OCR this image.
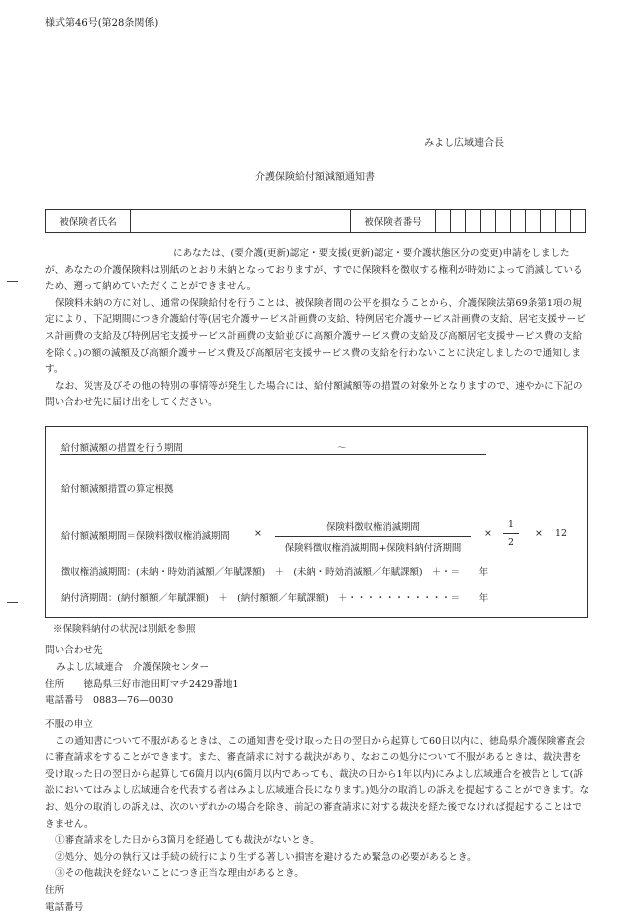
様式第46号(第28条関係)
みよし広域連合長
介護保険給付額減額通知書
被保険者氏名		被保険者番号										

にあなたは、(要介護(更新)認定・要支援(更新)認定・要介護状態区分の変更)申請をしました

が、あなたの介護保険料は別紙のとおり未納となっておりますが、すでに保険料を徴収する権利が時効によって消滅しているため、遡って納めていただくことができません。

保険料未納の方に対し、通常の保険給付を行うことは、被保険者間の公平を損なうことから、介護保険法第69条第1項の規定により、下記期間につき介護給付等(居宅介護サービス計画費の支給、特例居宅介護サービス計画費の支給、居宅支援サービス計画費の支給及び特例居宅支援サービス計画費の支給並びに高額介護サービス費の支給及び高額居宅支援サービス費の支給を除く。)の額の減額及び高額介護サービス費及び高額居宅支援サービス費の支給を行わないことに決定しましたので通知します。

なお、災害及びその他の特別の事情等が発生した場合には、給付額減額等の措置の対象外となりますので、速やかに下記の問い合わせ先に届け出をしてください。

給付額減額の措置を行う期間	～
給付額減額措置の算定根拠
給付額減額期間＝保険料徴収権消滅期間	×
保険料徴収権消滅期間
保険料徴収権消滅期間+保険料納付済期間
×
1
2
× 12
徴収権消滅期間：(未納・時効消滅額／年賦課額)　＋　(未納・時効消滅額／年賦課額)　＋・＝　　年
納付済期間：(納付額額／年賦課額)　＋　(納付額額／年賦課額)　＋・・・・・・・・・・・＝　　年
※保険料納付の状況は別紙を参照
問い合わせ先
みよし広域連合　介護保険センター
住所　　徳島県三好市池田町マチ2429番地1
電話番号　0883—76—0030

不服の申立

この通知書について不服があるときは、この通知書を受け取った日の翌日から起算して60日以内に、徳島県介護保険審査会に審査請求をすることができます。また、審査請求に対する裁決があり、なおこの処分について不服があるときは、裁決書を受け取った日の翌日から起算して6箇月以内(6箇月以内であっても、裁決の日から1年以内)にみよし広域連合を被告として(訴訟においてはみよし広域連合を代表する者はみよし広域連合長になります。)処分の取消しの訴えを提起することができます。なお、処分の取消しの訴えは、次のいずれかの場合を除き、前記の審査請求に対する裁決を経た後でなければ提起することはできません。

①審査請求をした日から3箇月を経過しても裁決がないとき。

②処分、処分の執行又は手続の続行により生ずる著しい損害を避けるため緊急の必要があるとき。

③その他裁決を経ないことにつき正当な理由があるとき。

住所

電話番号
